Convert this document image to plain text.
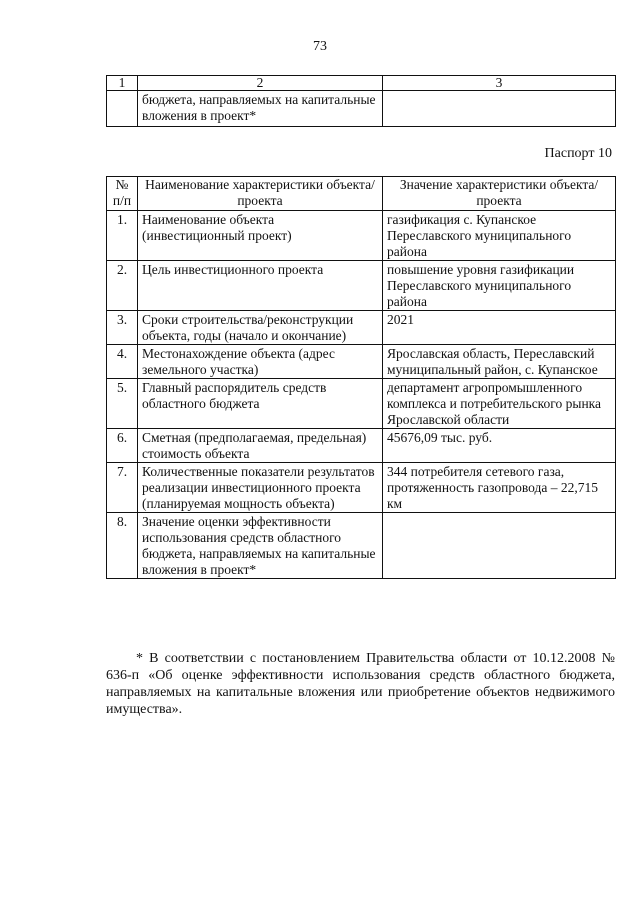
73
1	2	3
	бюджета, направляемых на капитальные вложения в проект*	
Паспорт 10
№ п/п	Наименование характеристики объекта/проекта	Значение характеристики объекта/проекта
1.	Наименование объекта (инвестиционный проект)	газификация с. Купанское Переславского муниципального района
2.	Цель инвестиционного проекта	повышение уровня газификации Переславского муниципального района
3.	Сроки строительства/реконструкции объекта, годы (начало и окончание)	2021
4.	Местонахождение объекта (адрес земельного участка)	Ярославская область, Переславский муниципальный район, с. Купанское
5.	Главный распорядитель средств областного бюджета	департамент агропромышленного комплекса и потребительского рынка Ярославской области
6.	Сметная (предполагаемая, предельная) стоимость объекта	45676,09 тыс. руб.
7.	Количественные показатели результатов реализации инвестиционного проекта (планируемая мощность объекта)	344 потребителя сетевого газа, протяженность газопровода – 22,715 км
8.	Значение оценки эффективности использования средств областного бюджета, направляемых на капитальные вложения в проект*	

* В соответствии с постановлением Правительства области от 10.12.2008 № 636-п «Об оценке эффективности использования средств областного бюджета, направляемых на капитальные вложения или приобретение объектов недвижимого имущества».
